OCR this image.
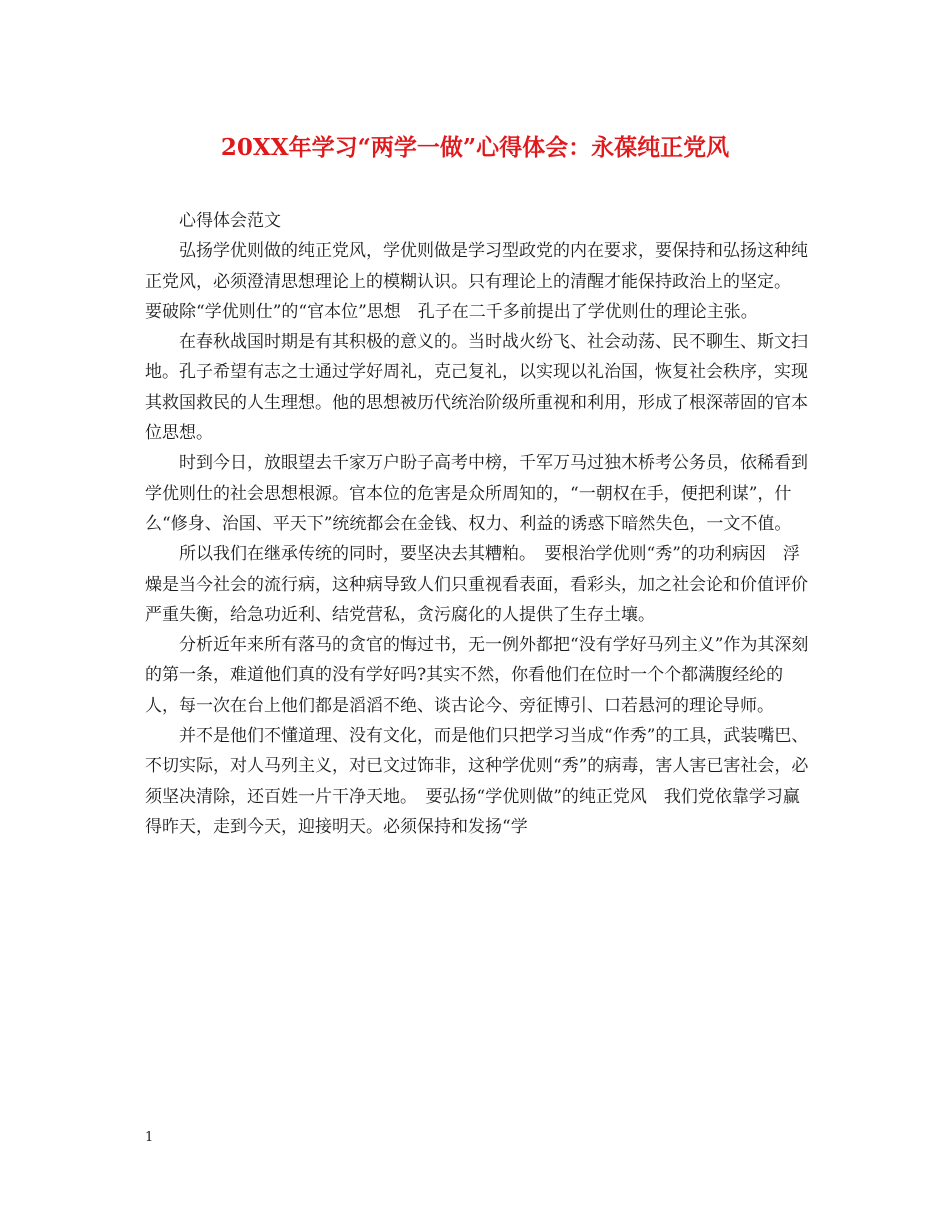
20XX年学习“两学一做”心得体会：永葆纯正党风

心得体会范文

弘扬学优则做的纯正党风，学优则做是学习型政党的内在要求，要保持和弘扬这种纯正党风，必须澄清思想理论上的模糊认识。只有理论上的清醒才能保持政治上的坚定。　要破除“学优则仕”的“官本位”思想　孔子在二千多前提出了学优则仕的理论主张。

在春秋战国时期是有其积极的意义的。当时战火纷飞、社会动荡、民不聊生、斯文扫地。孔子希望有志之士通过学好周礼，克己复礼，以实现以礼治国，恢复社会秩序，实现其救国救民的人生理想。他的思想被历代统治阶级所重视和利用，形成了根深蒂固的官本位思想。

时到今日，放眼望去千家万户盼子高考中榜，千军万马过独木桥考公务员，依稀看到学优则仕的社会思想根源。官本位的危害是众所周知的，“一朝权在手，便把利谋”，什么“修身、治国、平天下”统统都会在金钱、权力、利益的诱惑下暗然失色，一文不值。

所以我们在继承传统的同时，要坚决去其糟粕。　要根治学优则“秀”的功利病因　浮燥是当今社会的流行病，这种病导致人们只重视看表面，看彩头，加之社会论和价值评价严重失衡，给急功近利、结党营私，贪污腐化的人提供了生存土壤。

分析近年来所有落马的贪官的悔过书，无一例外都把“没有学好马列主义”作为其深刻的第一条，难道他们真的没有学好吗?其实不然，你看他们在位时一个个都满腹经纶的人，每一次在台上他们都是滔滔不绝、谈古论今、旁征博引、口若悬河的理论导师。

并不是他们不懂道理、没有文化，而是他们只把学习当成“作秀”的工具，武装嘴巴、不切实际，对人马列主义，对已文过饰非，这种学优则“秀”的病毒，害人害已害社会，必须坚决清除，还百姓一片干净天地。　要弘扬“学优则做”的纯正党风　我们党依靠学习赢得昨天，走到今天，迎接明天。必须保持和发扬“学

1
